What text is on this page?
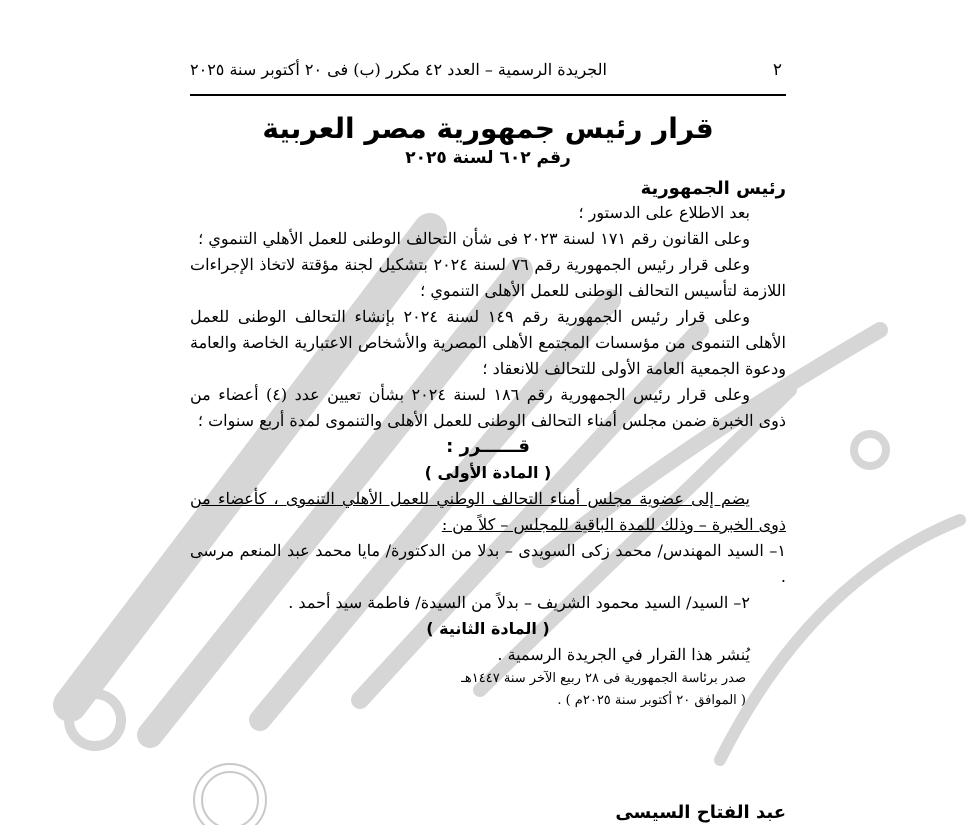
٢
الجريدة الرسمية – العدد ٤٢ مكرر (ب) فى ٢٠ أكتوبر سنة ٢٠٢٥
قرار رئيس جمهورية مصر العربية
رقم ٦٠٢ لسنة ٢٠٢٥
رئيس الجمهورية
بعد الاطلاع على الدستور ؛
وعلى القانون رقم ١٧١ لسنة ٢٠٢٣ فى شأن التحالف الوطنى للعمل الأهلي التنموي ؛
وعلى قرار رئيس الجمهورية رقم ٧٦ لسنة ٢٠٢٤ بتشكيل لجنة مؤقتة لاتخاذ الإجراءات اللازمة لتأسيس التحالف الوطنى للعمل الأهلى التنموي ؛
وعلى قرار رئيس الجمهورية رقم ١٤٩ لسنة ٢٠٢٤ بإنشاء التحالف الوطنى للعمل الأهلى التنموى من مؤسسات المجتمع الأهلى المصرية والأشخاص الاعتبارية الخاصة والعامة ودعوة الجمعية العامة الأولى للتحالف للانعقاد ؛
وعلى قرار رئيس الجمهورية رقم ١٨٦ لسنة ٢٠٢٤ بشأن تعيين عدد (٤) أعضاء من ذوى الخبرة ضمن مجلس أمناء التحالف الوطنى للعمل الأهلى والتنموى لمدة أربع سنوات ؛
قــــــرر :
( المادة الأولى )
يضم إلى عضوية مجلس أمناء التحالف الوطني للعمل الأهلي التنموى ، كأعضاء من ذوى الخبرة – وذلك للمدة الباقية للمجلس – كلاً من :
١– السيد المهندس/ محمد زكى السويدى – بدلا من الدكتورة/ مايا محمد عبد المنعم مرسى .
٢– السيد/ السيد محمود الشريف – بدلاً من السيدة/ فاطمة سيد أحمد .
( المادة الثانية )
يُنشر هذا القرار في الجريدة الرسمية .
صدر برئاسة الجمهورية فى ٢٨ ربيع الآخر سنة ١٤٤٧هـ
( الموافق ٢٠ أكتوبر سنة ٢٠٢٥م ) .
عبد الفتاح السيسى
